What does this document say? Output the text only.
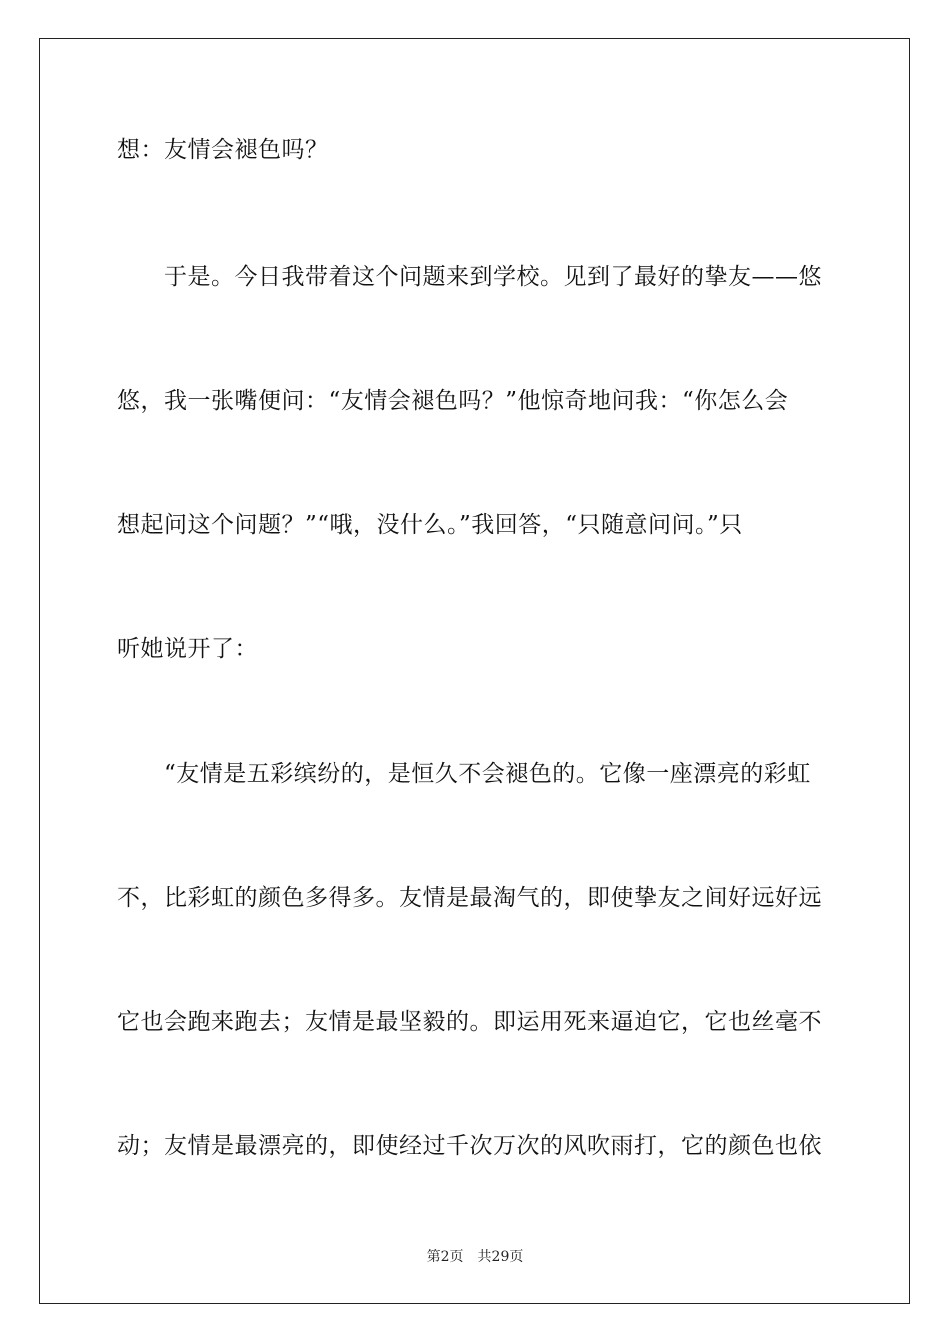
想：友情会褪色吗？
　　于是。今日我带着这个问题来到学校。见到了最好的挚友——悠
悠，我一张嘴便问：“友情会褪色吗？”他惊奇地问我：“你怎么会
想起问这个问题？”“哦，没什么。”我回答，“只随意问问。”只
听她说开了：
　　“友情是五彩缤纷的，是恒久不会褪色的。它像一座漂亮的彩虹
不，比彩虹的颜色多得多。友情是最淘气的，即使挚友之间好远好远
它也会跑来跑去；友情是最坚毅的。即运用死来逼迫它，它也丝毫不
动；友情是最漂亮的，即使经过千次万次的风吹雨打，它的颜色也依
第2页 共29页
